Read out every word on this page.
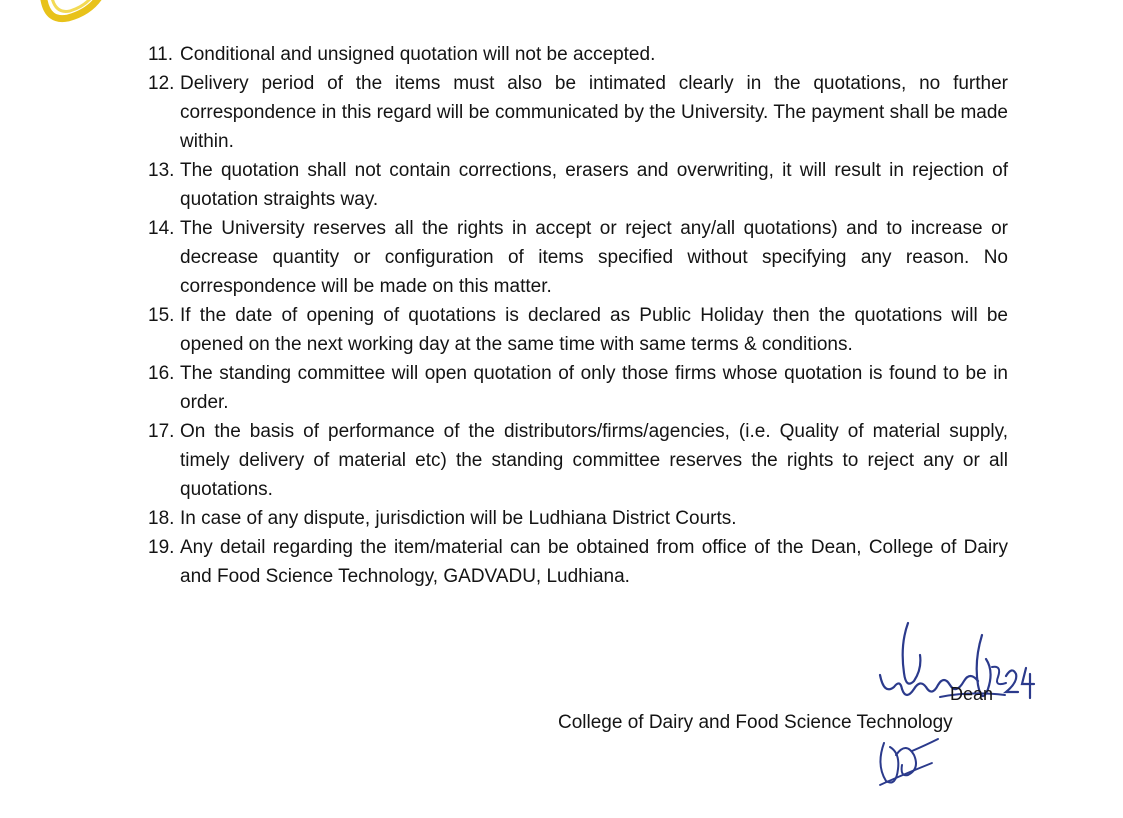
11. Conditional and unsigned quotation will not be accepted.
12. Delivery period of the items must also be intimated clearly in the quotations, no further correspondence in this regard will be communicated by the University. The payment shall be made within.
13. The quotation shall not contain corrections, erasers and overwriting, it will result in rejection of quotation straights way.
14. The University reserves all the rights in accept or reject any/all quotations) and to increase or decrease quantity or configuration of items specified without specifying any reason. No correspondence will be made on this matter.
15. If the date of opening of quotations is declared as Public Holiday then the quotations will be opened on the next working day at the same time with same terms & conditions.
16. The standing committee will open quotation of only those firms whose quotation is found to be in order.
17. On the basis of performance of the distributors/firms/agencies, (i.e. Quality of material supply, timely delivery of material etc) the standing committee reserves the rights to reject any or all quotations.
18. In case of any dispute, jurisdiction will be Ludhiana District Courts.
19. Any detail regarding the item/material can be obtained from office of the Dean, College of Dairy and Food Science Technology, GADVADU, Ludhiana.
Dean
College of Dairy and Food Science Technology
